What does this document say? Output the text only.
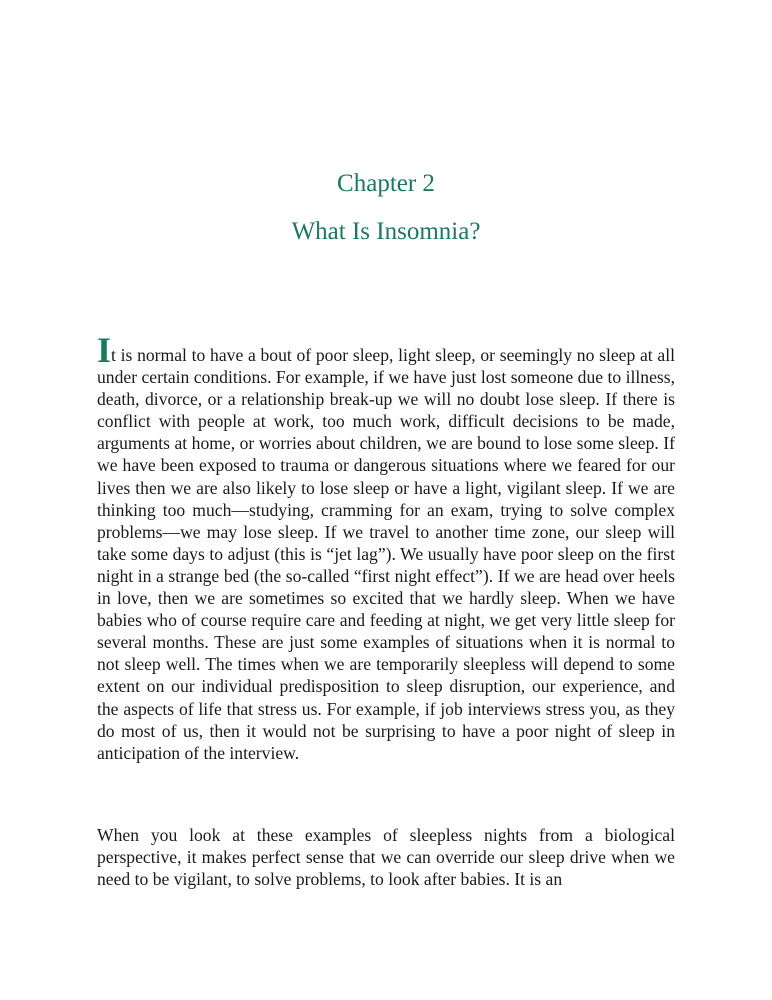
Chapter 2
What Is Insomnia?

It is normal to have a bout of poor sleep, light sleep, or seemingly no sleep at all under certain conditions. For example, if we have just lost someone due to illness, death, divorce, or a relationship break-up we will no doubt lose sleep. If there is conflict with people at work, too much work, difficult decisions to be made, arguments at home, or worries about children, we are bound to lose some sleep. If we have been exposed to trauma or dangerous situations where we feared for our lives then we are also likely to lose sleep or have a light, vigilant sleep. If we are thinking too much—studying, cramming for an exam, trying to solve complex problems—we may lose sleep. If we travel to another time zone, our sleep will take some days to adjust (this is “jet lag”). We usually have poor sleep on the first night in a strange bed (the so-called “first night effect”). If we are head over heels in love, then we are sometimes so excited that we hardly sleep. When we have babies who of course require care and feeding at night, we get very little sleep for several months. These are just some examples of situations when it is normal to not sleep well. The times when we are temporarily sleepless will depend to some extent on our individual predisposition to sleep disruption, our experience, and the aspects of life that stress us. For example, if job interviews stress you, as they do most of us, then it would not be surprising to have a poor night of sleep in anticipation of the interview.

When you look at these examples of sleepless nights from a biological perspective, it makes perfect sense that we can override our sleep drive when we need to be vigilant, to solve problems, to look after babies. It is an
